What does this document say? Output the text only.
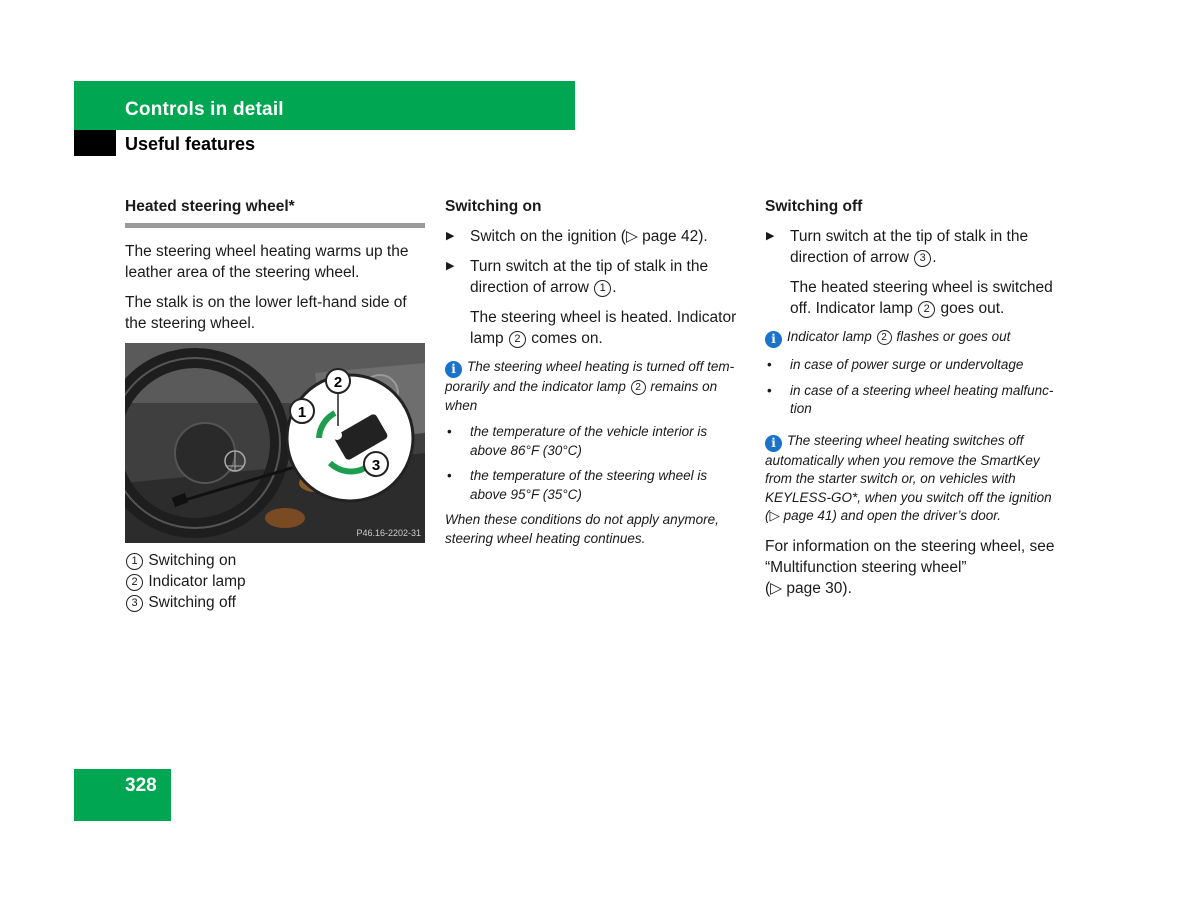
Controls in detail
Useful features
Heated steering wheel*

The steering wheel heating warms up the leather area of the steering wheel.

The stalk is on the lower left-hand side of the steering wheel.

2
1
3
P46.16-2202-31
1 Switching on
2 Indicator lamp
3 Switching off
Switching on
▶ Switch on the ignition (▷ page 42).
▶ Turn switch at the tip of stalk in the direction of arrow 1 .
The steering wheel is heated. Indicator lamp 2 comes on.
i The steering wheel heating is turned off tem-porarily and the indicator lamp 2 remains on when
• the temperature of the vehicle interior is above 86°F (30°C)
• the temperature of the steering wheel is above 95°F (35°C)
When these conditions do not apply anymore, steering wheel heating continues.
Switching off
▶ Turn switch at the tip of stalk in the direction of arrow 3 .
The heated steering wheel is switched off. Indicator lamp 2 goes out.
i Indicator lamp 2 flashes or goes out
• in case of power surge or undervoltage
• in case of a steering wheel heating malfunc-tion
i The steering wheel heating switches off automatically when you remove the SmartKey from the starter switch or, on vehicles with KEYLESS-GO*, when you switch off the ignition (▷ page 41) and open the driver’s door.

For information on the steering wheel, see “Multifunction steering wheel”
(▷ page 30).

328
